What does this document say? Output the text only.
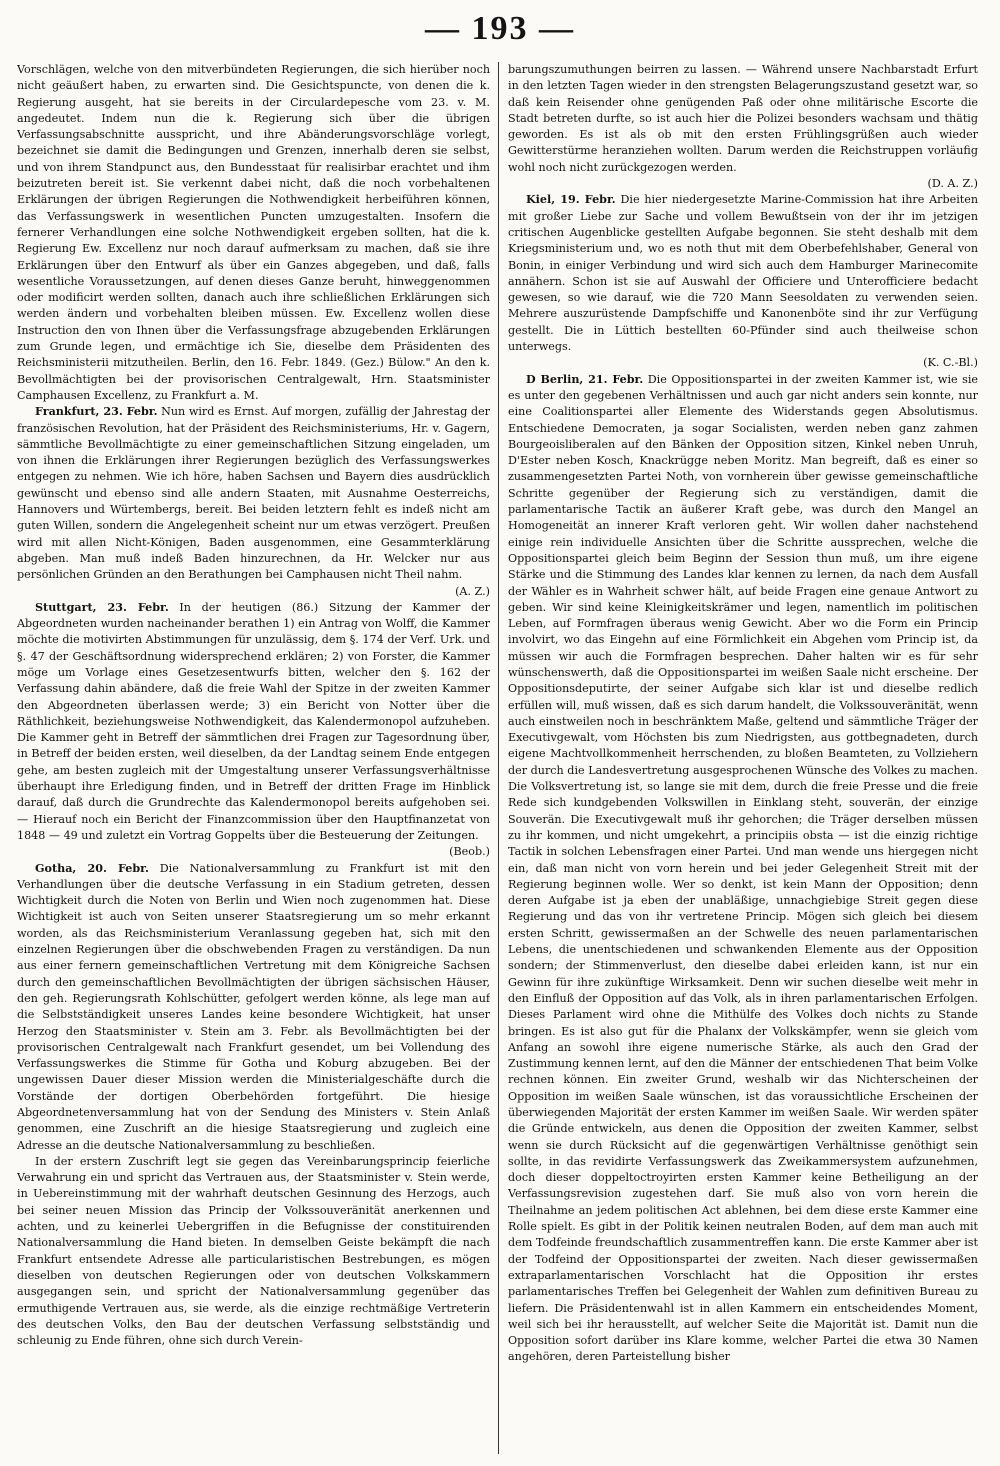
— 193 —

Vorschlägen, welche von den mitverbündeten Regierungen, die sich hierüber noch nicht geäußert haben, zu erwarten sind. Die Gesichtspuncte, von denen die k. Regierung ausgeht, hat sie bereits in der Circulardepesche vom 23. v. M. angedeutet. Indem nun die k. Regierung sich über die übrigen Verfassungsabschnitte ausspricht, und ihre Abänderungsvorschläge vorlegt, bezeichnet sie damit die Bedingungen und Grenzen, innerhalb deren sie selbst, und von ihrem Standpunct aus, den Bundesstaat für realisirbar erachtet und ihm beizutreten bereit ist. Sie verkennt dabei nicht, daß die noch vorbehaltenen Erklärungen der übrigen Regierungen die Nothwendigkeit herbeiführen können, das Verfassungswerk in wesentlichen Puncten umzugestalten. Insofern die fernerer Verhandlungen eine solche Nothwendigkeit ergeben sollten, hat die k. Regierung Ew. Excellenz nur noch darauf aufmerksam zu machen, daß sie ihre Erklärungen über den Entwurf als über ein Ganzes abgegeben, und daß, falls wesentliche Voraussetzungen, auf denen dieses Ganze beruht, hinweggenommen oder modificirt werden sollten, danach auch ihre schließlichen Erklärungen sich werden ändern und vorbehalten bleiben müssen. Ew. Excellenz wollen diese Instruction den von Ihnen über die Verfassungsfrage abzugebenden Erklärungen zum Grunde legen, und ermächtige ich Sie, dieselbe dem Präsidenten des Reichsministerii mitzutheilen. Berlin, den 16. Febr. 1849. (Gez.) Bülow." An den k. Bevollmächtigten bei der provisorischen Centralgewalt, Hrn. Staatsminister Camphausen Excellenz, zu Frankfurt a. M.

Frankfurt, 23. Febr. Nun wird es Ernst. Auf morgen, zufällig der Jahrestag der französischen Revolution, hat der Präsident des Reichsministeriums, Hr. v. Gagern, sämmtliche Bevollmächtigte zu einer gemeinschaftlichen Sitzung eingeladen, um von ihnen die Erklärungen ihrer Regierungen bezüglich des Verfassungswerkes entgegen zu nehmen. Wie ich höre, haben Sachsen und Bayern dies ausdrücklich gewünscht und ebenso sind alle andern Staaten, mit Ausnahme Oesterreichs, Hannovers und Würtembergs, bereit. Bei beiden letztern fehlt es indeß nicht am guten Willen, sondern die Angelegenheit scheint nur um etwas verzögert. Preußen wird mit allen Nicht-Königen, Baden ausgenommen, eine Gesammterklärung abgeben. Man muß indeß Baden hinzurechnen, da Hr. Welcker nur aus persönlichen Gründen an den Berathungen bei Camphausen nicht Theil nahm.
(A. Z.)

Stuttgart, 23. Febr. In der heutigen (86.) Sitzung der Kammer der Abgeordneten wurden nacheinander berathen 1) ein Antrag von Wolff, die Kammer möchte die motivirten Abstimmungen für unzulässig, dem §. 174 der Verf. Urk. und §. 47 der Geschäftsordnung widersprechend erklären; 2) von Forster, die Kammer möge um Vorlage eines Gesetzesentwurfs bitten, welcher den §. 162 der Verfassung dahin abändere, daß die freie Wahl der Spitze in der zweiten Kammer den Abgeordneten überlassen werde; 3) ein Bericht von Notter über die Räthlichkeit, beziehungsweise Nothwendigkeit, das Kalendermonopol aufzuheben. Die Kammer geht in Betreff der sämmtlichen drei Fragen zur Tagesordnung über, in Betreff der beiden ersten, weil dieselben, da der Landtag seinem Ende entgegen gehe, am besten zugleich mit der Umgestaltung unserer Verfassungsverhältnisse überhaupt ihre Erledigung finden, und in Betreff der dritten Frage im Hinblick darauf, daß durch die Grundrechte das Kalendermonopol bereits aufgehoben sei. — Hierauf noch ein Bericht der Finanzcommission über den Hauptfinanzetat von 1848 — 49 und zuletzt ein Vortrag Goppelts über die Besteuerung der Zeitungen.
(Beob.)

Gotha, 20. Febr. Die Nationalversammlung zu Frankfurt ist mit den Verhandlungen über die deutsche Verfassung in ein Stadium getreten, dessen Wichtigkeit durch die Noten von Berlin und Wien noch zugenommen hat. Diese Wichtigkeit ist auch von Seiten unserer Staatsregierung um so mehr erkannt worden, als das Reichsministerium Veranlassung gegeben hat, sich mit den einzelnen Regierungen über die obschwebenden Fragen zu verständigen. Da nun aus einer fernern gemeinschaftlichen Vertretung mit dem Königreiche Sachsen durch den gemeinschaftlichen Bevollmächtigten der übrigen sächsischen Häuser, den geh. Regierungsrath Kohlschütter, gefolgert werden könne, als lege man auf die Selbstständigkeit unseres Landes keine besondere Wichtigkeit, hat unser Herzog den Staatsminister v. Stein am 3. Febr. als Bevollmächtigten bei der provisorischen Centralgewalt nach Frankfurt gesendet, um bei Vollendung des Verfassungswerkes die Stimme für Gotha und Koburg abzugeben. Bei der ungewissen Dauer dieser Mission werden die Ministerialgeschäfte durch die Vorstände der dortigen Oberbehörden fortgeführt. Die hiesige Abgeordnetenversammlung hat von der Sendung des Ministers v. Stein Anlaß genommen, eine Zuschrift an die hiesige Staatsregierung und zugleich eine Adresse an die deutsche Nationalversammlung zu beschließen.

In der erstern Zuschrift legt sie gegen das Vereinbarungsprincip feierliche Verwahrung ein und spricht das Vertrauen aus, der Staatsminister v. Stein werde, in Uebereinstimmung mit der wahrhaft deutschen Gesinnung des Herzogs, auch bei seiner neuen Mission das Princip der Volkssouveränität anerkennen und achten, und zu keinerlei Uebergriffen in die Befugnisse der constituirenden Nationalversammlung die Hand bieten. In demselben Geiste bekämpft die nach Frankfurt entsendete Adresse alle particularistischen Bestrebungen, es mögen dieselben von deutschen Regierungen oder von deutschen Volkskammern ausgegangen sein, und spricht der Nationalversammlung gegenüber das ermuthigende Vertrauen aus, sie werde, als die einzige rechtmäßige Vertreterin des deutschen Volks, den Bau der deutschen Verfassung selbstständig und schleunig zu Ende führen, ohne sich durch Verein-

barungszumuthungen beirren zu lassen. — Während unsere Nachbarstadt Erfurt in den letzten Tagen wieder in den strengsten Belagerungszustand gesetzt war, so daß kein Reisender ohne genügenden Paß oder ohne militärische Escorte die Stadt betreten durfte, so ist auch hier die Polizei besonders wachsam und thätig geworden. Es ist als ob mit den ersten Frühlingsgrüßen auch wieder Gewitterstürme heranziehen wollten. Darum werden die Reichstruppen vorläufig wohl noch nicht zurückgezogen werden.
(D. A. Z.)

Kiel, 19. Febr. Die hier niedergesetzte Marine-Commission hat ihre Arbeiten mit großer Liebe zur Sache und vollem Bewußtsein von der ihr im jetzigen critischen Augenblicke gestellten Aufgabe begonnen. Sie steht deshalb mit dem Kriegsministerium und, wo es noth thut mit dem Oberbefehlshaber, General von Bonin, in einiger Verbindung und wird sich auch dem Hamburger Marinecomite annähern. Schon ist sie auf Auswahl der Officiere und Unterofficiere bedacht gewesen, so wie darauf, wie die 720 Mann Seesoldaten zu verwenden seien. Mehrere auszurüstende Dampfschiffe und Kanonenböte sind ihr zur Verfügung gestellt. Die in Lüttich bestellten 60-Pfünder sind auch theilweise schon unterwegs.
(K. C.-Bl.)

D Berlin, 21. Febr. Die Oppositionspartei in der zweiten Kammer ist, wie sie es unter den gegebenen Verhältnissen und auch gar nicht anders sein konnte, nur eine Coalitionspartei aller Elemente des Widerstands gegen Absolutismus. Entschiedene Democraten, ja sogar Socialisten, werden neben ganz zahmen Bourgeoisliberalen auf den Bänken der Opposition sitzen, Kinkel neben Unruh, D'Ester neben Kosch, Knackrügge neben Moritz. Man begreift, daß es einer so zusammengesetzten Partei Noth, von vornherein über gewisse gemeinschaftliche Schritte gegenüber der Regierung sich zu verständigen, damit die parlamentarische Tactik an äußerer Kraft gebe, was durch den Mangel an Homogeneität an innerer Kraft verloren geht. Wir wollen daher nachstehend einige rein individuelle Ansichten über die Schritte aussprechen, welche die Oppositionspartei gleich beim Beginn der Session thun muß, um ihre eigene Stärke und die Stimmung des Landes klar kennen zu lernen, da nach dem Ausfall der Wähler es in Wahrheit schwer hält, auf beide Fragen eine genaue Antwort zu geben. Wir sind keine Kleinigkeitskrämer und legen, namentlich im politischen Leben, auf Formfragen überaus wenig Gewicht. Aber wo die Form ein Princip involvirt, wo das Eingehn auf eine Förmlichkeit ein Abgehen vom Princip ist, da müssen wir auch die Formfragen besprechen. Daher halten wir es für sehr wünschenswerth, daß die Oppositionspartei im weißen Saale nicht erscheine. Der Oppositionsdeputirte, der seiner Aufgabe sich klar ist und dieselbe redlich erfüllen will, muß wissen, daß es sich darum handelt, die Volkssouveränität, wenn auch einstweilen noch in beschränktem Maße, geltend und sämmtliche Träger der Executivgewalt, vom Höchsten bis zum Niedrigsten, aus gottbegnadeten, durch eigene Machtvollkommenheit herrschenden, zu bloßen Beamteten, zu Vollziehern der durch die Landesvertretung ausgesprochenen Wünsche des Volkes zu machen. Die Volksvertretung ist, so lange sie mit dem, durch die freie Presse und die freie Rede sich kundgebenden Volkswillen in Einklang steht, souverän, der einzige Souverän. Die Executivgewalt muß ihr gehorchen; die Träger derselben müssen zu ihr kommen, und nicht umgekehrt, a principiis obsta — ist die einzig richtige Tactik in solchen Lebensfragen einer Partei. Und man wende uns hiergegen nicht ein, daß man nicht von vorn herein und bei jeder Gelegenheit Streit mit der Regierung beginnen wolle. Wer so denkt, ist kein Mann der Opposition; denn deren Aufgabe ist ja eben der unabläßige, unnachgiebige Streit gegen diese Regierung und das von ihr vertretene Princip. Mögen sich gleich bei diesem ersten Schritt, gewissermaßen an der Schwelle des neuen parlamentarischen Lebens, die unentschiedenen und schwankenden Elemente aus der Opposition sondern; der Stimmenverlust, den dieselbe dabei erleiden kann, ist nur ein Gewinn für ihre zukünftige Wirksamkeit. Denn wir suchen dieselbe weit mehr in den Einfluß der Opposition auf das Volk, als in ihren parlamentarischen Erfolgen. Dieses Parlament wird ohne die Mithülfe des Volkes doch nichts zu Stande bringen. Es ist also gut für die Phalanx der Volkskämpfer, wenn sie gleich vom Anfang an sowohl ihre eigene numerische Stärke, als auch den Grad der Zustimmung kennen lernt, auf den die Männer der entschiedenen That beim Volke rechnen können. Ein zweiter Grund, weshalb wir das Nichterscheinen der Opposition im weißen Saale wünschen, ist das voraussichtliche Erscheinen der überwiegenden Majorität der ersten Kammer im weißen Saale. Wir werden später die Gründe entwickeln, aus denen die Opposition der zweiten Kammer, selbst wenn sie durch Rücksicht auf die gegenwärtigen Verhältnisse genöthigt sein sollte, in das revidirte Verfassungswerk das Zweikammersystem aufzunehmen, doch dieser doppeltoctroyirten ersten Kammer keine Betheiligung an der Verfassungsrevision zugestehen darf. Sie muß also von vorn herein die Theilnahme an jedem politischen Act ablehnen, bei dem diese erste Kammer eine Rolle spielt. Es gibt in der Politik keinen neutralen Boden, auf dem man auch mit dem Todfeinde freundschaftlich zusammentreffen kann. Die erste Kammer aber ist der Todfeind der Oppositionspartei der zweiten. Nach dieser gewissermaßen extraparlamentarischen Vorschlacht hat die Opposition ihr erstes parlamentarisches Treffen bei Gelegenheit der Wahlen zum definitiven Bureau zu liefern. Die Präsidentenwahl ist in allen Kammern ein entscheidendes Moment, weil sich bei ihr herausstellt, auf welcher Seite die Majorität ist. Damit nun die Opposition sofort darüber ins Klare komme, welcher Partei die etwa 30 Namen angehören, deren Parteistellung bisher
